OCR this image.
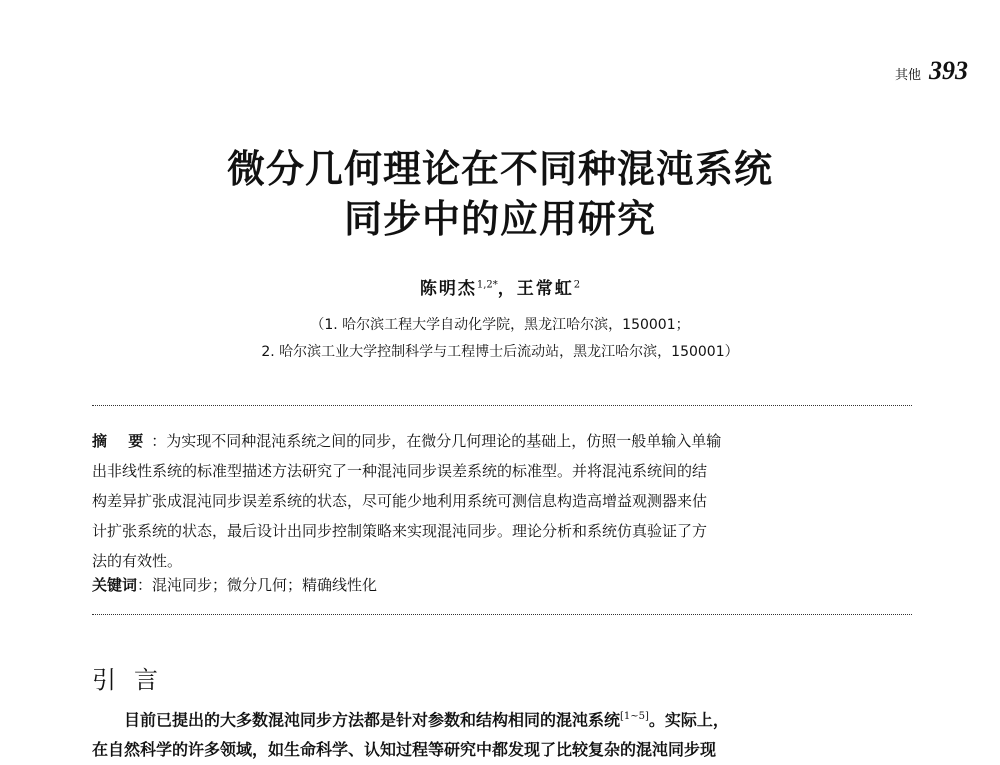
其他 393
微分几何理论在不同种混沌系统
同步中的应用研究
陈明杰$^{1,2*}$，王常虹$^2$
（1. 哈尔滨工程大学自动化学院，黑龙江哈尔滨，150001；
2. 哈尔滨工业大学控制科学与工程博士后流动站，黑龙江哈尔滨，150001）
摘 要：为实现不同种混沌系统之间的同步，在微分几何理论的基础上，仿照一般单输入单输
出非线性系统的标准型描述方法研究了一种混沌同步误差系统的标准型。并将混沌系统间的结
构差异扩张成混沌同步误差系统的状态，尽可能少地利用系统可测信息构造高增益观测器来估
计扩张系统的状态，最后设计出同步控制策略来实现混沌同步。理论分析和系统仿真验证了方
法的有效性。
关键词：混沌同步；微分几何；精确线性化
引言
目前已提出的大多数混沌同步方法都是针对参数和结构相同的混沌系统[1~5]。实际上，
在自然科学的许多领域，如生命科学、认知过程等研究中都发现了比较复杂的混沌同步现
